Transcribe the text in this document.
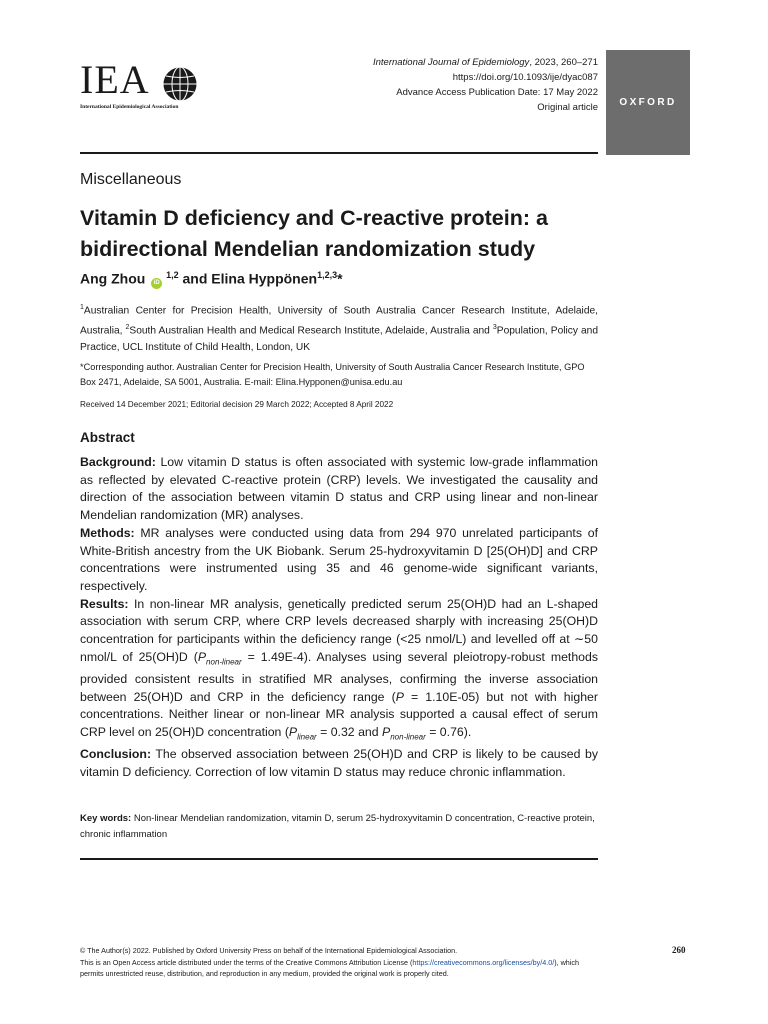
IEA
International Epidemiological Association
International Journal of Epidemiology, 2023, 260–271
https://doi.org/10.1093/ije/dyac087
Advance Access Publication Date: 17 May 2022
Original article OXFORD
Miscellaneous
Vitamin D deficiency and C-reactive protein: a
bidirectional Mendelian randomization study
Ang Zhou iD $^{1,2}$ and Elina Hyppönen$^{1,2,3}$*
$^1$Australian Center for Precision Health, University of South Australia Cancer Research Institute, Adelaide, Australia, $^2$South Australian Health and Medical Research Institute, Adelaide, Australia and $^3$Population, Policy and Practice, UCL Institute of Child Health, London, UK
*Corresponding author. Australian Center for Precision Health, University of South Australia Cancer Research Institute, GPO Box 2471, Adelaide, SA 5001, Australia. E-mail: Elina.Hypponen@unisa.edu.au
Received 14 December 2021; Editorial decision 29 March 2022; Accepted 8 April 2022
Abstract

Background: Low vitamin D status is often associated with systemic low-grade inflammation as reflected by elevated C-reactive protein (CRP) levels. We investigated the causality and direction of the association between vitamin D status and CRP using linear and non-linear Mendelian randomization (MR) analyses.

Methods: MR analyses were conducted using data from 294 970 unrelated participants of White-British ancestry from the UK Biobank. Serum 25-hydroxyvitamin D [25(OH)D] and CRP concentrations were instrumented using 35 and 46 genome-wide significant variants, respectively.

Results: In non-linear MR analysis, genetically predicted serum 25(OH)D had an L-shaped association with serum CRP, where CRP levels decreased sharply with increasing 25(OH)D concentration for participants within the deficiency range (<25 nmol/L) and levelled off at ∼50 nmol/L of 25(OH)D $(P_{non-linear} = 1.49E-4)$. Analyses using several pleiotropy-robust methods provided consistent results in stratified MR analyses, confirming the inverse association between 25(OH)D and CRP in the deficiency range (P = 1.10E-05) but not with higher concentrations. Neither linear or non-linear MR analysis supported a causal effect of serum CRP level on 25(OH)D concentration ($P_{linear} = 0.32$ and $P_{non-linear} = 0.76$).

Conclusion: The observed association between 25(OH)D and CRP is likely to be caused by vitamin D deficiency. Correction of low vitamin D status may reduce chronic inflammation.

Key words: Non-linear Mendelian randomization, vitamin D, serum 25-hydroxyvitamin D concentration, C-reactive protein, chronic inflammation
© The Author(s) 2022. Published by Oxford University Press on behalf of the International Epidemiological Association.
This is an Open Access article distributed under the terms of the Creative Commons Attribution License (https://creativecommons.org/licenses/by/4.0/), which permits unrestricted reuse, distribution, and reproduction in any medium, provided the original work is properly cited.
260
